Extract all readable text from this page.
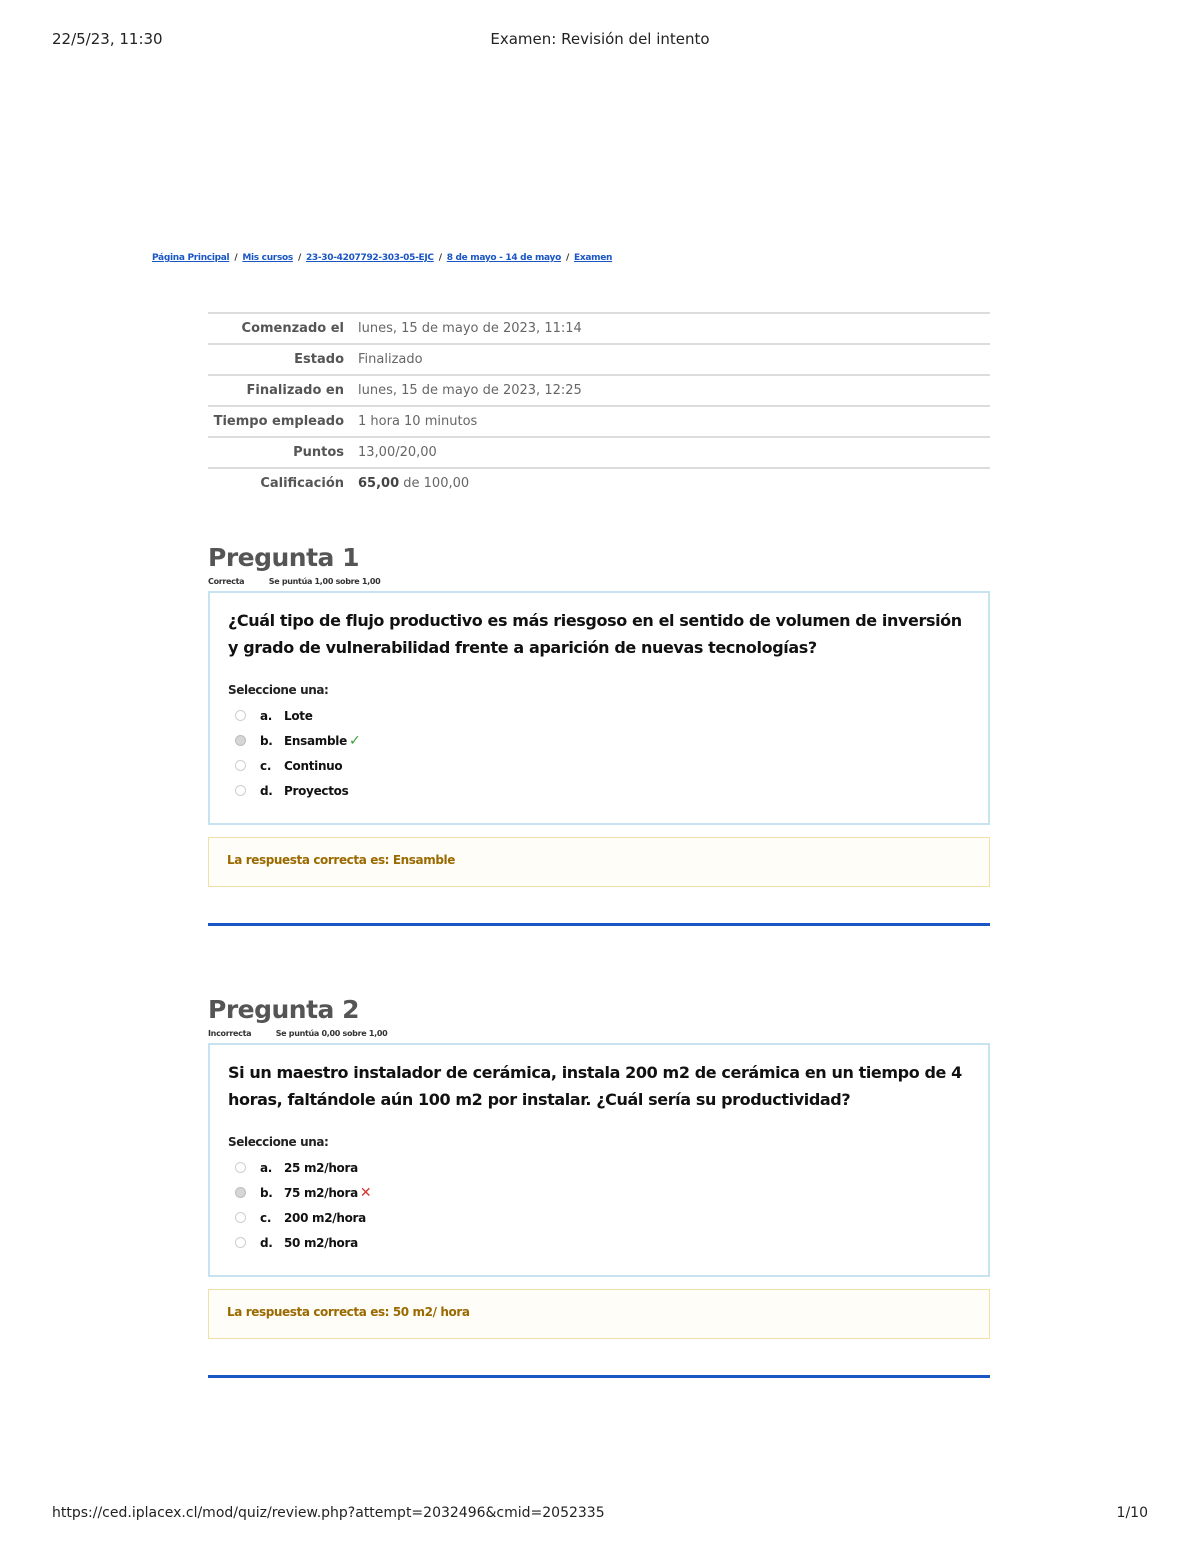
22/5/23, 11:30	Examen: Revisión del intento
Página Principal / Mis cursos / 23-30-4207792-303-05-EJC / 8 de mayo - 14 de mayo / Examen
Comenzado el	lunes, 15 de mayo de 2023, 11:14
Estado	Finalizado
Finalizado en	lunes, 15 de mayo de 2023, 12:25
Tiempo empleado	1 hora 10 minutos
Puntos	13,00/20,00
Calificación	65,00 de 100,00
Pregunta 1
Correcta	Se puntúa 1,00 sobre 1,00
¿Cuál tipo de flujo productivo es más riesgoso en el sentido de volumen de inversión y grado de vulnerabilidad frente a aparición de nuevas tecnologías?
Seleccione una:
a. Lote
b. Ensamble ✓
c.	Continuo
d. Proyectos
La respuesta correcta es: Ensamble
Pregunta 2
Incorrecta	Se puntúa 0,00 sobre 1,00
Si un maestro instalador de cerámica, instala 200 m2 de cerámica en un tiempo de 4 horas, faltándole aún 100 m2 por instalar. ¿Cuál sería su productividad?
Seleccione una:
a. 25 m2/hora
b. 75 m2/hora ✕
c.	200 m2/hora
d. 50 m2/hora
La respuesta correcta es: 50 m2/ hora
https://ced.iplacex.cl/mod/quiz/review.php?attempt=2032496&cmid=2052335	1/10
